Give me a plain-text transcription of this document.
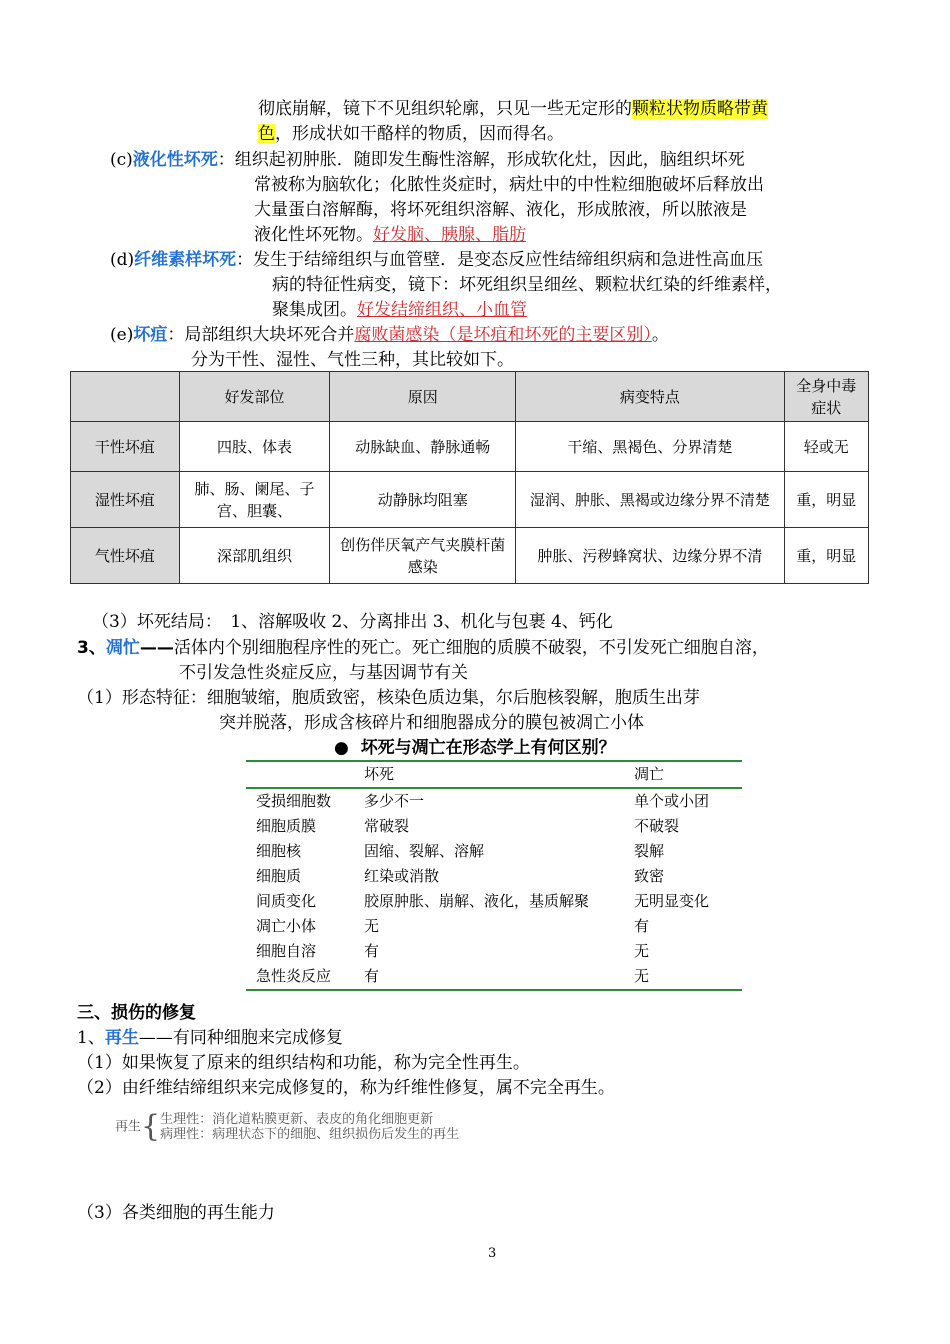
彻底崩解，镜下不见组织轮廓，只见一些无定形的颗粒状物质略带黄
色，形成状如干酪样的物质，因而得名。
(c)液化性坏死：组织起初肿胀．随即发生酶性溶解，形成软化灶，因此，脑组织坏死
常被称为脑软化；化脓性炎症时，病灶中的中性粒细胞破坏后释放出
大量蛋白溶解酶，将坏死组织溶解、液化，形成脓液，所以脓液是
液化性坏死物。好发脑、胰腺、脂肪
(d)纤维素样坏死：发生于结缔组织与血管壁．是变态反应性结缔组织病和急进性高血压
病的特征性病变，镜下：坏死组织呈细丝、颗粒状红染的纤维素样，
聚集成团。好发结缔组织、小血管
(e)坏疽：局部组织大块坏死合并腐败菌感染（是坏疽和坏死的主要区别）。
分为干性、湿性、气性三种，其比较如下。
	好发部位	原因	病变特点	全身中毒症状
干性坏疽	四肢、体表	动脉缺血、静脉通畅	干缩、黑褐色、分界清楚	轻或无
湿性坏疽	肺、肠、阑尾、子宫、胆囊、	动静脉均阻塞	湿润、肿胀、黑褐或边缘分界不清楚	重，明显
气性坏疽	深部肌组织	创伤伴厌氧产气夹膜杆菌感染	肿胀、污秽蜂窝状、边缘分界不清	重，明显
（3）坏死结局：　1、溶解吸收 2、分离排出 3、机化与包裹 4、钙化
3、凋忙——活体内个别细胞程序性的死亡。死亡细胞的质膜不破裂，不引发死亡细胞自溶，
不引发急性炎症反应，与基因调节有关
（1）形态特征：细胞皱缩，胞质致密，核染色质边集，尔后胞核裂解，胞质生出芽
突并脱落，形成含核碎片和细胞器成分的膜包被凋亡小体
● 坏死与凋亡在形态学上有何区别？
	坏死	凋亡
受损细胞数	多少不一	单个或小团
细胞质膜	常破裂	不破裂
细胞核	固缩、裂解、溶解	裂解
细胞质	红染或消散	致密
间质变化	胶原肿胀、崩解、液化，基质解聚	无明显变化
凋亡小体	无	有
细胞自溶	有	无
急性炎反应	有	无
三、损伤的修复
1、再生——有同种细胞来完成修复
（1）如果恢复了原来的组织结构和功能，称为完全性再生。
（2）由纤维结缔组织来完成修复的，称为纤维性修复，属不完全再生。
再生{ 生理性：消化道粘膜更新、表皮的角化细胞更新
病理性：病理状态下的细胞、组织损伤后发生的再生
（3）各类细胞的再生能力
3
